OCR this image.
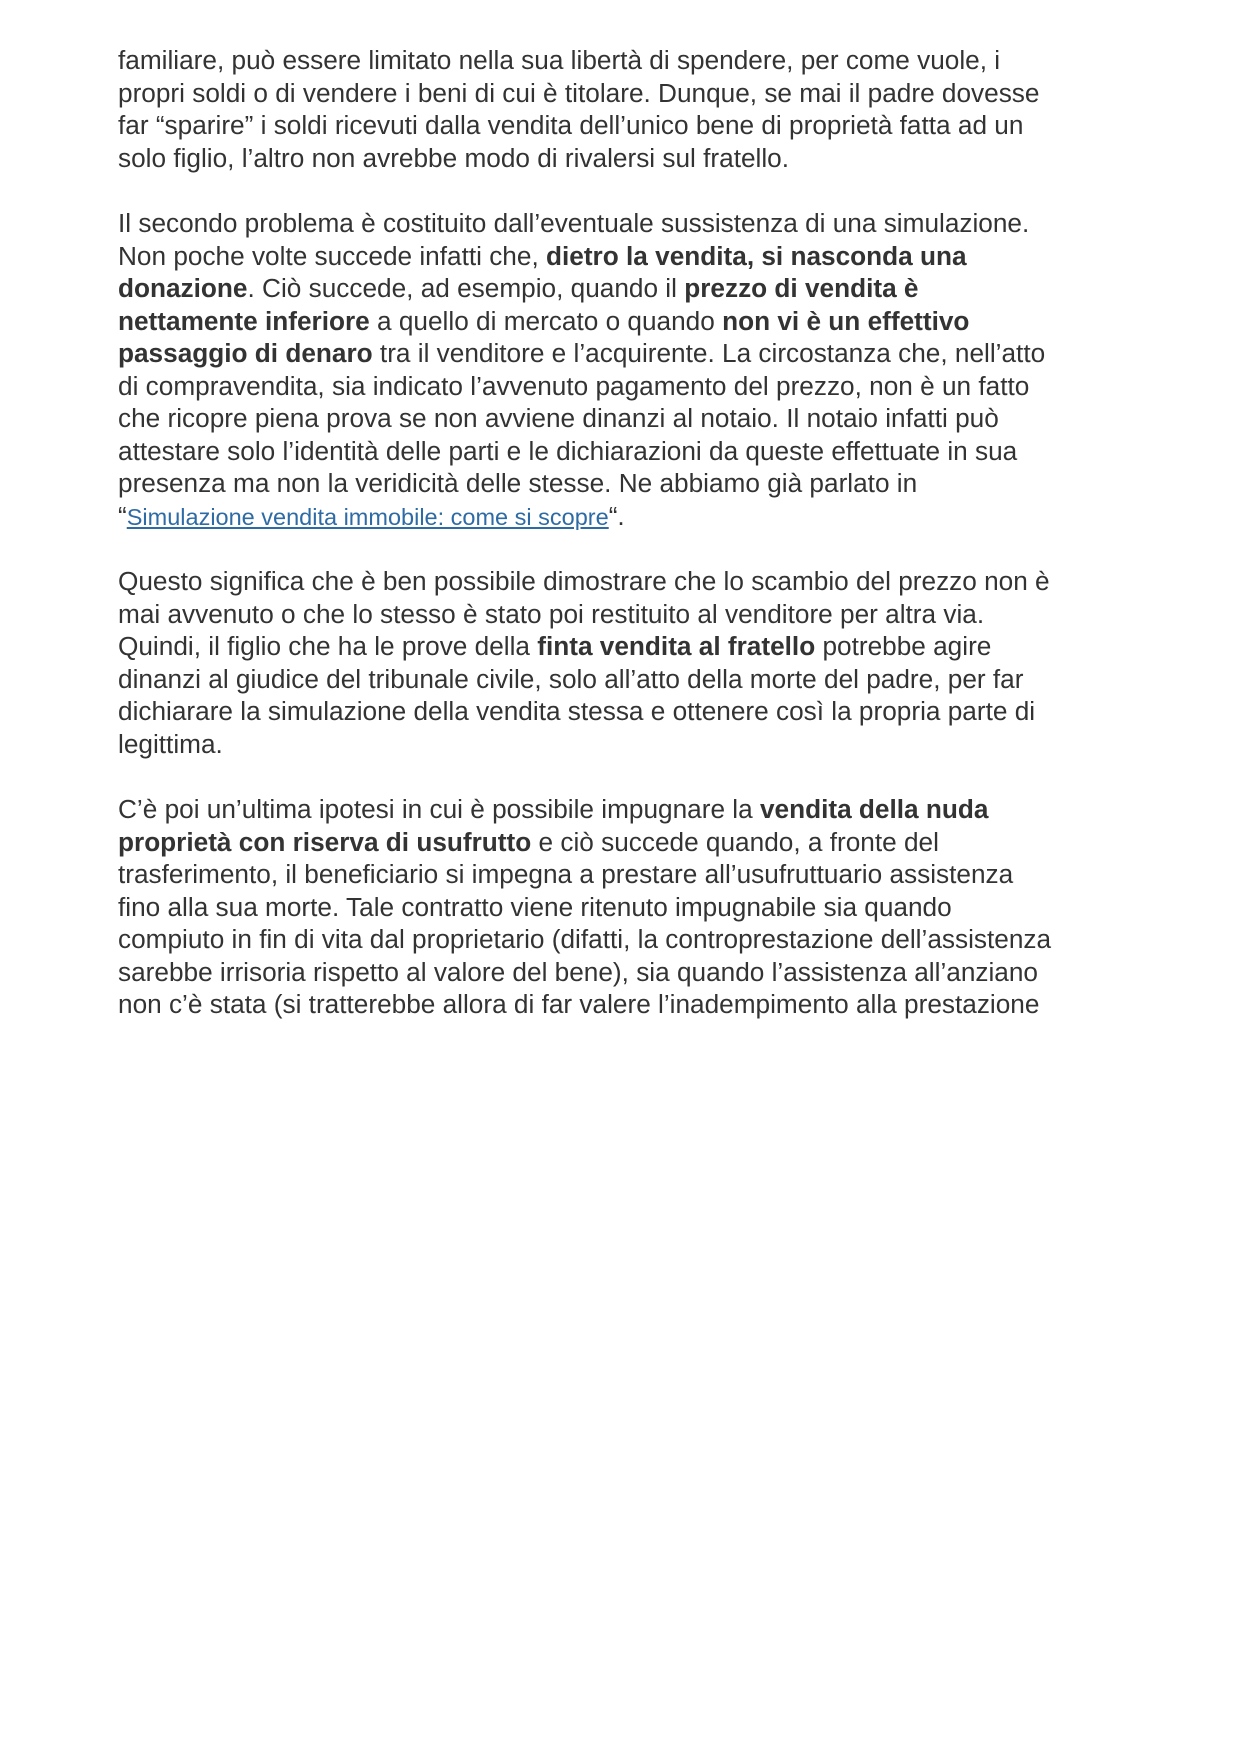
familiare, può essere limitato nella sua libertà di spendere, per come vuole, i
propri soldi o di vendere i beni di cui è titolare. Dunque, se mai il padre dovesse
far “sparire” i soldi ricevuti dalla vendita dell’unico bene di proprietà fatta ad un
solo figlio, l’altro non avrebbe modo di rivalersi sul fratello.
Il secondo problema è costituito dall’eventuale sussistenza di una simulazione.
Non poche volte succede infatti che, dietro la vendita, si nasconda una
donazione. Ciò succede, ad esempio, quando il prezzo di vendita è
nettamente inferiore a quello di mercato o quando non vi è un effettivo
passaggio di denaro tra il venditore e l’acquirente. La circostanza che, nell’atto
di compravendita, sia indicato l’avvenuto pagamento del prezzo, non è un fatto
che ricopre piena prova se non avviene dinanzi al notaio. Il notaio infatti può
attestare solo l’identità delle parti e le dichiarazioni da queste effettuate in sua
presenza ma non la veridicità delle stesse. Ne abbiamo già parlato in
“Simulazione vendita immobile: come si scopre“.
Questo significa che è ben possibile dimostrare che lo scambio del prezzo non è
mai avvenuto o che lo stesso è stato poi restituito al venditore per altra via.
Quindi, il figlio che ha le prove della finta vendita al fratello potrebbe agire
dinanzi al giudice del tribunale civile, solo all’atto della morte del padre, per far
dichiarare la simulazione della vendita stessa e ottenere così la propria parte di
legittima.
C’è poi un’ultima ipotesi in cui è possibile impugnare la vendita della nuda
proprietà con riserva di usufrutto e ciò succede quando, a fronte del
trasferimento, il beneficiario si impegna a prestare all’usufruttuario assistenza
fino alla sua morte. Tale contratto viene ritenuto impugnabile sia quando
compiuto in fin di vita dal proprietario (difatti, la controprestazione dell’assistenza
sarebbe irrisoria rispetto al valore del bene), sia quando l’assistenza all’anziano
non c’è stata (si tratterebbe allora di far valere l’inadempimento alla prestazione
